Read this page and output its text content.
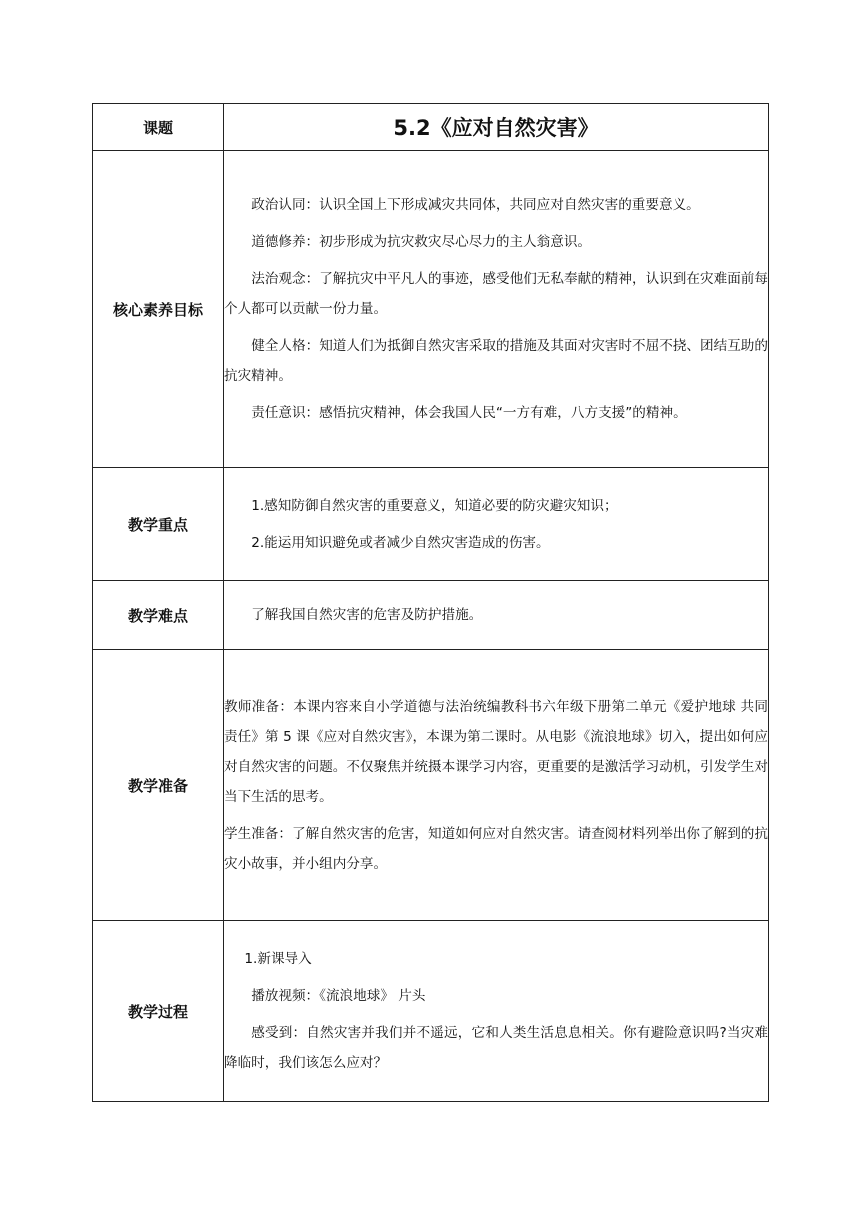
课题	5.2《应对自然灾害》
核心素养目标	政治认同：认识全国上下形成减灾共同体，共同应对自然灾害的重要意义。
道德修养：初步形成为抗灾救灾尽心尽力的主人翁意识。
法治观念：了解抗灾中平凡人的事迹，感受他们无私奉献的精神，认识到在灾难面前每个人都可以贡献一份力量。
健全人格：知道人们为抵御自然灾害采取的措施及其面对灾害时不屈不挠、团结互助的抗灾精神。
责任意识：感悟抗灾精神，体会我国人民“一方有难，八方支援”的精神。

教学重点	1.感知防御自然灾害的重要意义，知道必要的防灾避灾知识；
2.能运用知识避免或者减少自然灾害造成的伤害。

教学难点	了解我国自然灾害的危害及防护措施。

教学准备	教师准备：本课内容来自小学道德与法治统编教科书六年级下册第二单元《爱护地球 共同责任》第 5 课《应对自然灾害》，本课为第二课时。从电影《流浪地球》切入，提出如何应对自然灾害的问题。不仅聚焦并统摄本课学习内容，更重要的是激活学习动机，引发学生对当下生活的思考。
学生准备：了解自然灾害的危害，知道如何应对自然灾害。请查阅材料列举出你了解到的抗灾小故事，并小组内分享。

教学过程	1.新课导入
播放视频：《流浪地球》 片头
感受到：自然灾害并我们并不遥远，它和人类生活息息相关。你有避险意识吗?当灾难降临时，我们该怎么应对？
